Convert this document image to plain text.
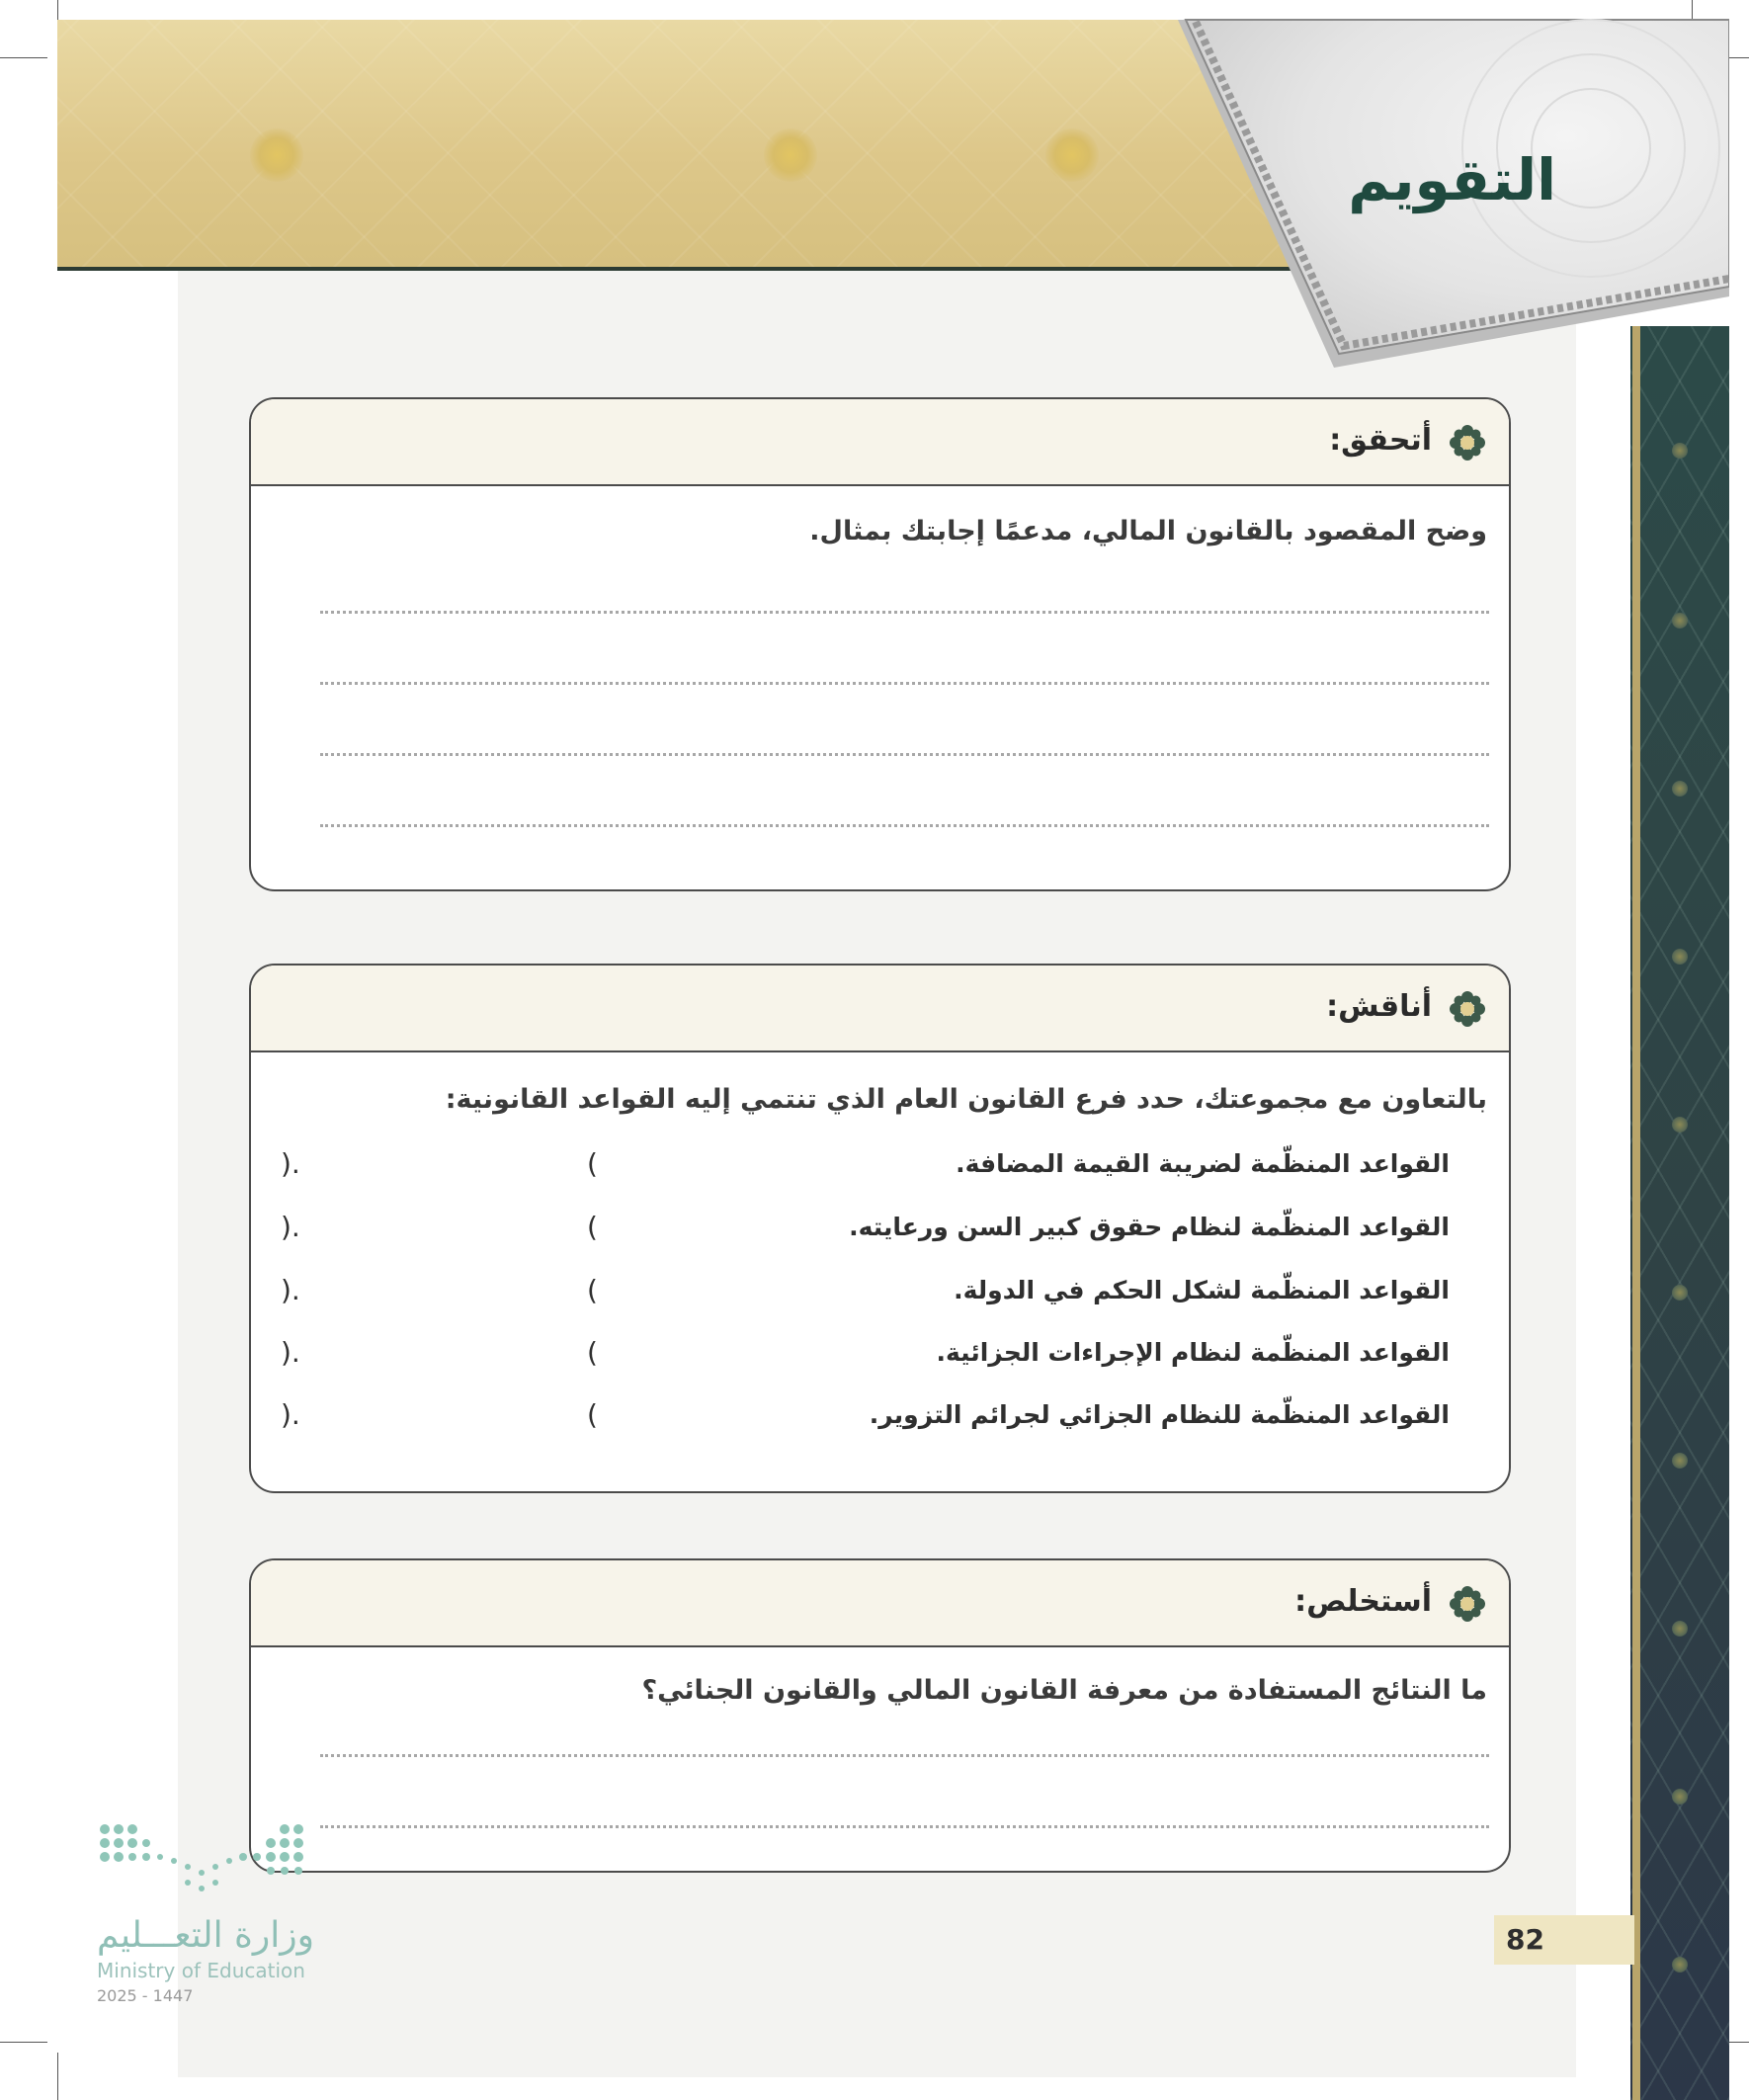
التقويم
أتحقق:
وضح المقصود بالقانون المالي، مدعمًا إجابتك بمثال.
أناقش:
بالتعاون مع مجموعتك، حدد فرع القانون العام الذي تنتمي إليه القواعد القانونية:
القواعد المنظّمة لضريبة القيمة المضافة.
(
).
القواعد المنظّمة لنظام حقوق كبير السن ورعايته.
(
).
القواعد المنظّمة لشكل الحكم في الدولة.
(
).
القواعد المنظّمة لنظام الإجراءات الجزائية.
(
).
القواعد المنظّمة للنظام الجزائي لجرائم التزوير.
(
).
أستخلص:
ما النتائج المستفادة من معرفة القانون المالي والقانون الجنائي؟
وزارة التعـــليم
Ministry of Education
2025 - 1447
82
